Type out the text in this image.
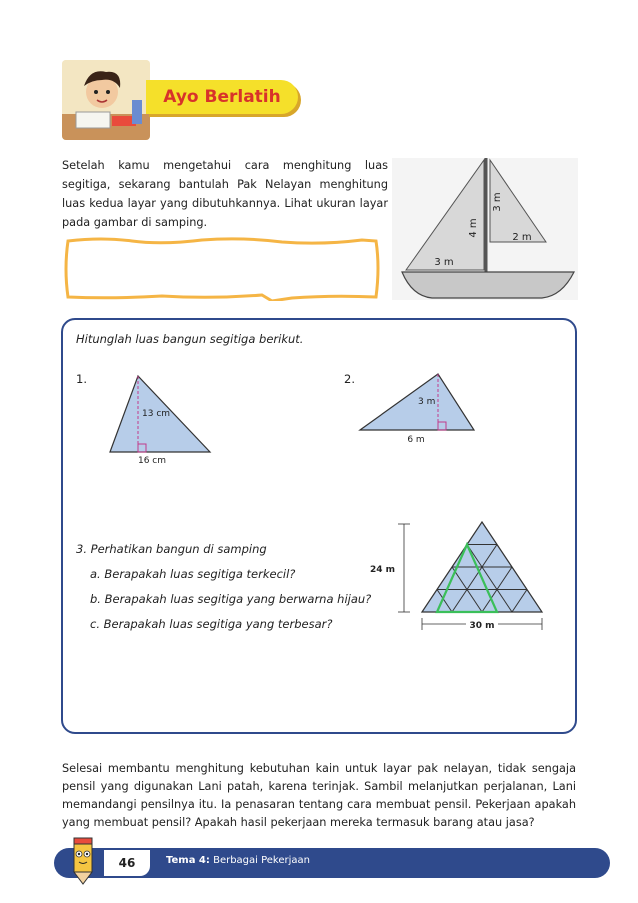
Ayo Berlatih
Setelah kamu mengetahui cara menghitung luas segitiga, sekarang bantulah Pak Nelayan menghitung luas kedua layar yang dibutuhkannya. Lihat ukuran layar pada gambar di samping.	4 m
3 m
3 m
2 m
Hitunglah luas bangun segitiga berikut.
1.
13 cm
16 cm
2.
3 m
6 m
3. Perhatikan bangun di samping
a. Berapakah luas segitiga terkecil?
b. Berapakah luas segitiga yang berwarna hijau?
c. Berapakah luas segitiga yang terbesar?
24 m
30 m
Selesai membantu menghitung kebutuhan kain untuk layar pak nelayan, tidak sengaja pensil yang digunakan Lani patah, karena terinjak. Sambil melanjutkan perjalanan, Lani memandangi pensilnya itu. Ia penasaran tentang cara membuat pensil. Pekerjaan apakah yang membuat pensil? Apakah hasil pekerjaan mereka termasuk barang atau jasa?
46	Tema 4: Berbagai Pekerjaan
